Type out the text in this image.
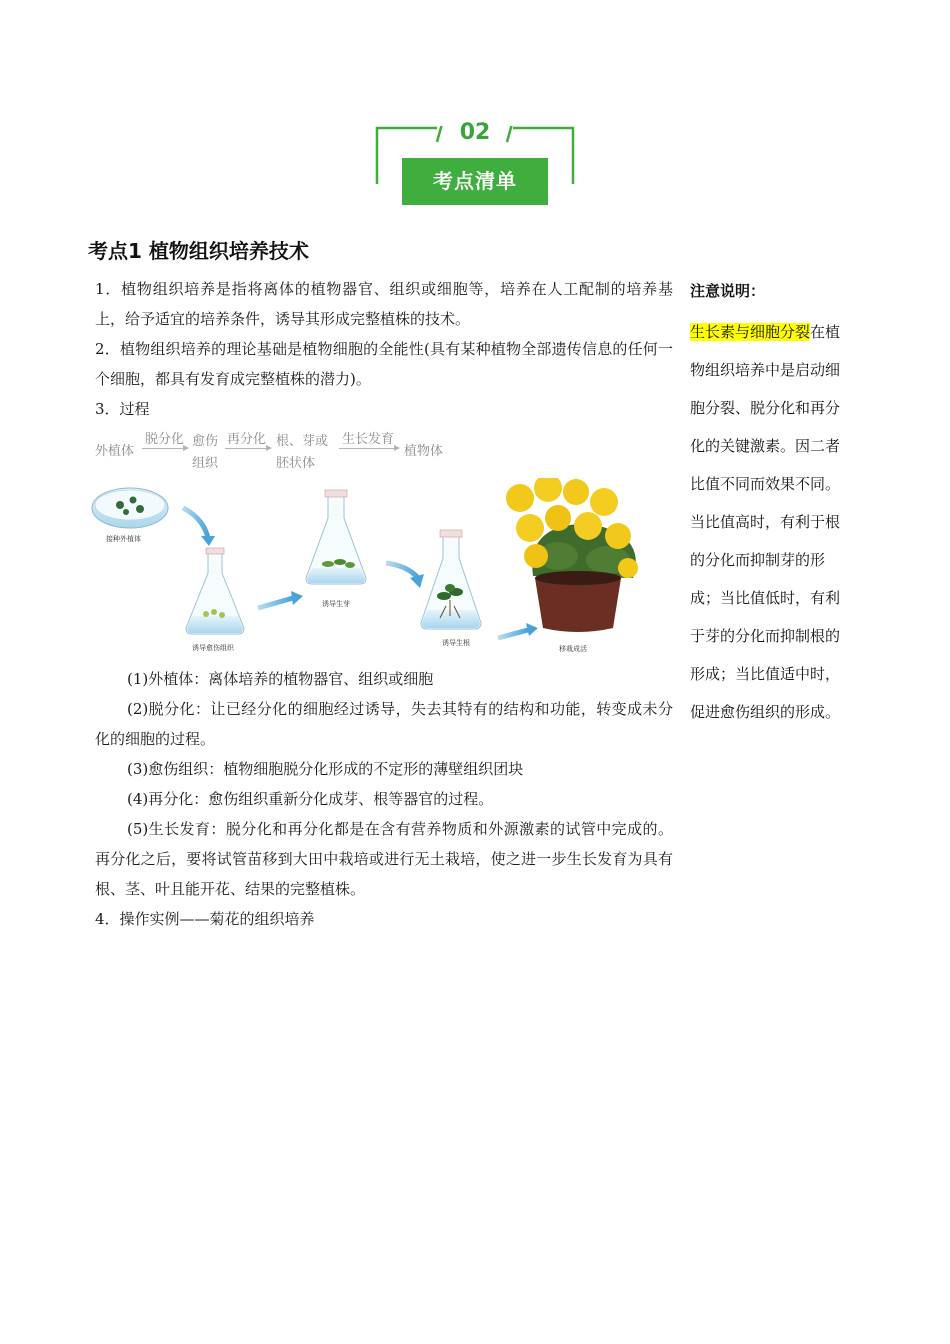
02
考点清单
考点1 植物组织培养技术

1．植物组织培养是指将离体的植物器官、组织或细胞等，培养在人工配制的培养基上，给予适宜的培养条件，诱导其形成完整植株的技术。

2．植物组织培养的理论基础是植物细胞的全能性(具有某种植物全部遗传信息的任何一个细胞，都具有发育成完整植株的潜力)。

3．过程

外植体
脱分化 愈伤
组织
再分化 根、芽或
胚状体
生长发育
植物体
接种外植体
诱导愈伤组织
诱导生芽
诱导生根
移栽成活

(1)外植体：离体培养的植物器官、组织或细胞

(2)脱分化：让已经分化的细胞经过诱导，失去其特有的结构和功能，转变成未分化的细胞的过程。

(3)愈伤组织：植物细胞脱分化形成的不定形的薄壁组织团块

(4)再分化：愈伤组织重新分化成芽、根等器官的过程。

(5)生长发育：脱分化和再分化都是在含有营养物质和外源激素的试管中完成的。再分化之后，要将试管苗移到大田中栽培或进行无土栽培，使之进一步生长发育为具有根、茎、叶且能开花、结果的完整植株。

4．操作实例——菊花的组织培养

注意说明：
生长素与细胞分裂在植物组织培养中是启动细胞分裂、脱分化和再分化的关键激素。因二者比值不同而效果不同。当比值高时，有利于根的分化而抑制芽的形成；当比值低时，有利于芽的分化而抑制根的形成；当比值适中时，促进愈伤组织的形成。
